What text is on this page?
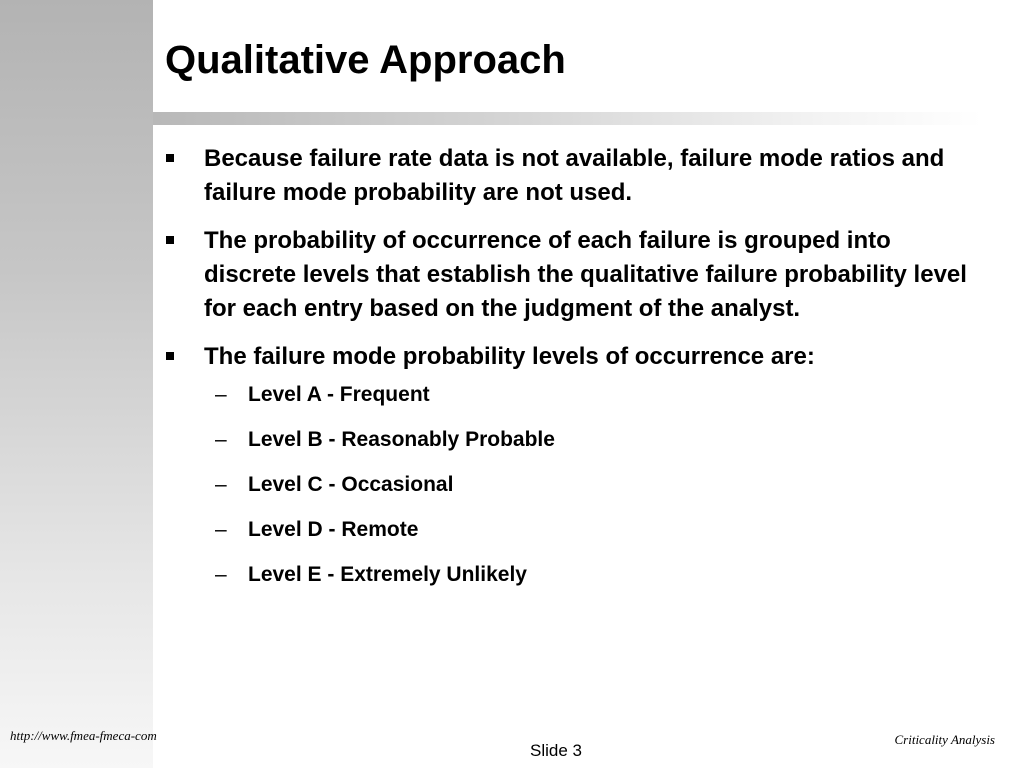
Qualitative Approach
Because failure rate data is not available, failure mode ratios and failure mode probability are not used.
The probability of occurrence of each failure is grouped into discrete levels that establish the qualitative failure probability level for each entry based on the judgment of the analyst.
The failure mode probability levels of occurrence are:
– Level A - Frequent
– Level B - Reasonably Probable
– Level C - Occasional
– Level D - Remote
– Level E - Extremely Unlikely
http://www.fmea-fmeca-com
Slide 3
Criticality Analysis
